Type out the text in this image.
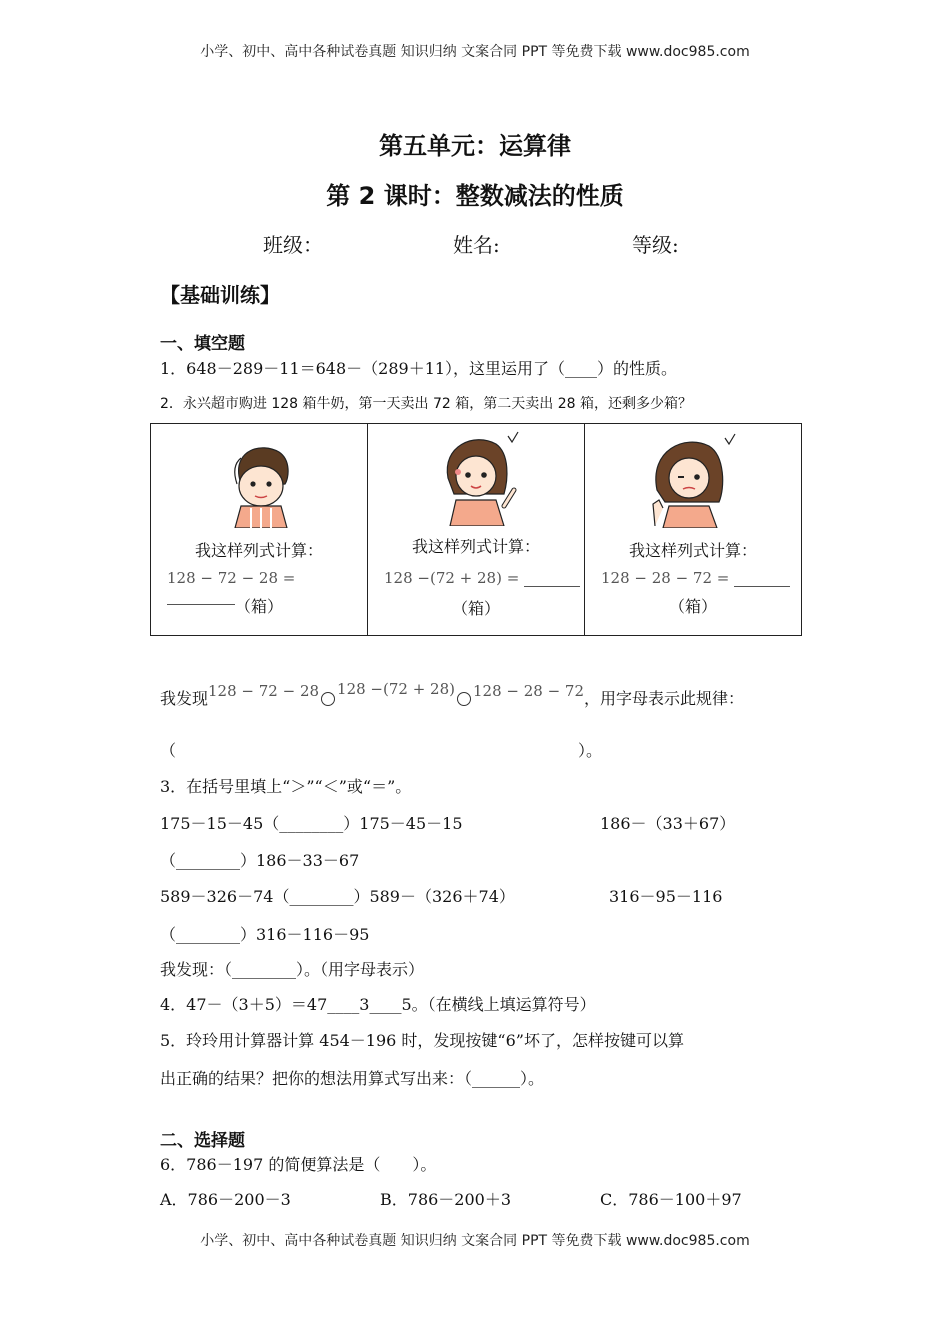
小学、初中、高中各种试卷真题 知识归纳 文案合同 PPT 等免费下载 www.doc985.com
第五单元：运算律
第 2 课时：整数减法的性质
班级：	姓名:	等级:
【基础训练】
一、填空题
1．648－289－11＝648－（289＋11），这里运用了（____）的性质。
2．永兴超市购进 128 箱牛奶，第一天卖出 72 箱，第二天卖出 28 箱，还剩多少箱？
我这样列式计算：
128 − 72 − 28 =
（箱）

我这样列式计算：
128 −(72 + 28) =
（箱）

我这样列式计算：
128 − 28 − 72 =
（箱）
我发现128 − 72 − 28 128 −(72 + 28) 128 − 28 − 72，用字母表示此规律：
（	）。
3．在括号里填上“＞”“＜”或“＝”。
175－15－45（________）175－45－15	186－（33＋67）
（________）186－33－67
589－326－74（________）589－（326＋74）	316－95－116
（________）316－116－95
我发现：（________）。（用字母表示）
4．47－（3＋5）＝47____3____5。（在横线上填运算符号）
5．玲玲用计算器计算 454－196 时，发现按键“6”坏了，怎样按键可以算
出正确的结果？把你的想法用算式写出来：（______）。
二、选择题
6．786－197 的简便算法是（　　）。
A．786－200－3	B．786－200＋3	C．786－100＋97
小学、初中、高中各种试卷真题 知识归纳 文案合同 PPT 等免费下载 www.doc985.com
